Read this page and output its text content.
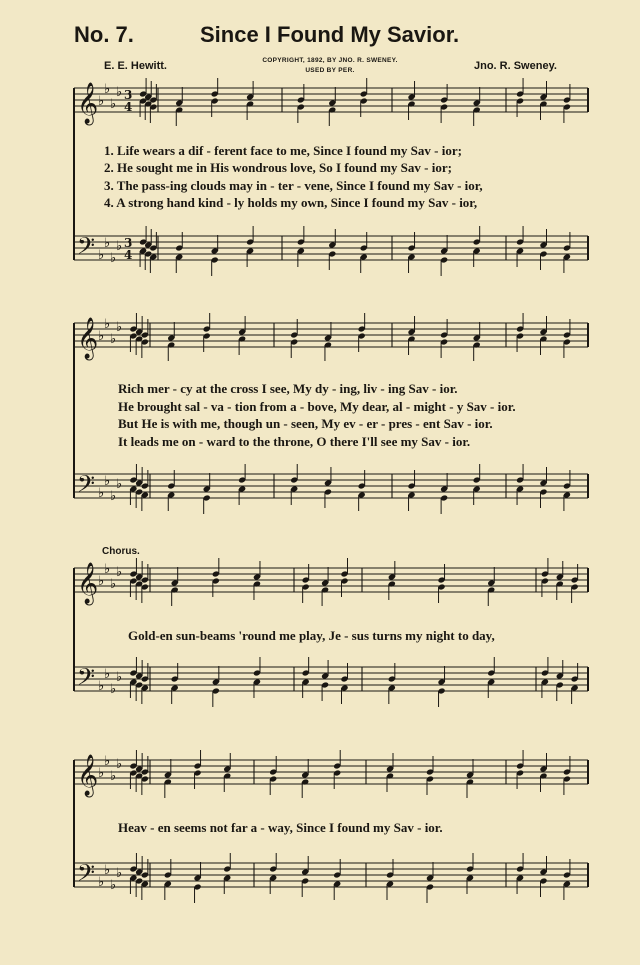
No. 7.	Since I Found My Savior.
E. E. Hewitt.	COPYRIGHT, 1892, BY JNO. R. SWENEY.
USED BY PER.	Jno. R. Sweney.
𝄞
𝄢
♭
♭
♭
♭
♭
♭
♭
♭
3
4
3
4
𝄞
𝄢
♭
♭
♭
♭
♭
♭
♭
♭
𝄞
𝄢
♭
♭
♭
♭
♭
♭
♭
♭
𝄞
𝄢
♭
♭
♭
♭
♭
♭
♭
♭
1. Life wears a dif - ferent face to me, Since I found my Sav - ior;
2. He sought me in His wondrous love, So I found my Sav - ior;
3. The pass-ing clouds may in - ter - vene, Since I found my Sav - ior,
4. A strong hand kind - ly holds my own, Since I found my Sav - ior,
Rich mer - cy at the cross I see, My dy - ing, liv - ing Sav - ior.
He brought sal - va - tion from a - bove, My dear, al - might - y Sav - ior.
But He is with me, though un - seen, My ev - er - pres - ent Sav - ior.
It leads me on - ward to the throne, O there I'll see my Sav - ior.
Chorus.
Gold-en sun-beams 'round me play, Je - sus turns my night to day,
Heav - en seems not far a - way, Since I found my Sav - ior.
